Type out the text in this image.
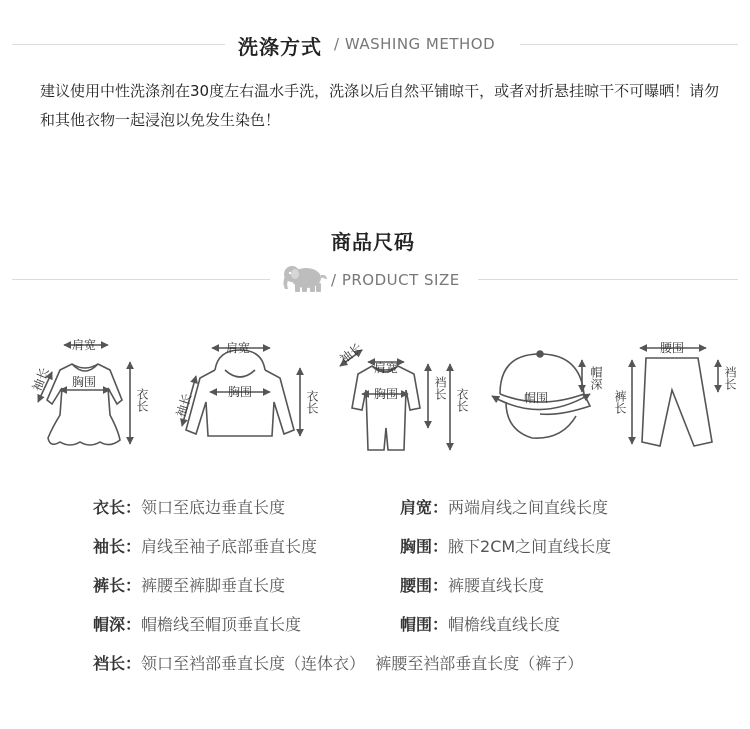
洗涤方式 / WASHING METHOD
建议使用中性洗涤剂在30度左右温水手洗，洗涤以后自然平铺晾干，或者对折悬挂晾干不可曝晒！请勿和其他衣物一起浸泡以免发生染色！
商品尺码
/ PRODUCT SIZE
肩宽
胸围
袖长
衣长
肩宽
胸围
袖长	衣长
袖长
肩宽
胸围	裆长 衣长	帽围
帽深
腰围
裤长
裆长
衣长：领口至底边垂直长度	肩宽：两端肩线之间直线长度
袖长：肩线至袖子底部垂直长度	胸围：腋下2CM之间直线长度
裤长：裤腰至裤脚垂直长度	腰围：裤腰直线长度
帽深：帽檐线至帽顶垂直长度	帽围：帽檐线直线长度
裆长：领口至裆部垂直长度（连体衣）  裤腰至裆部垂直长度（裤子）
